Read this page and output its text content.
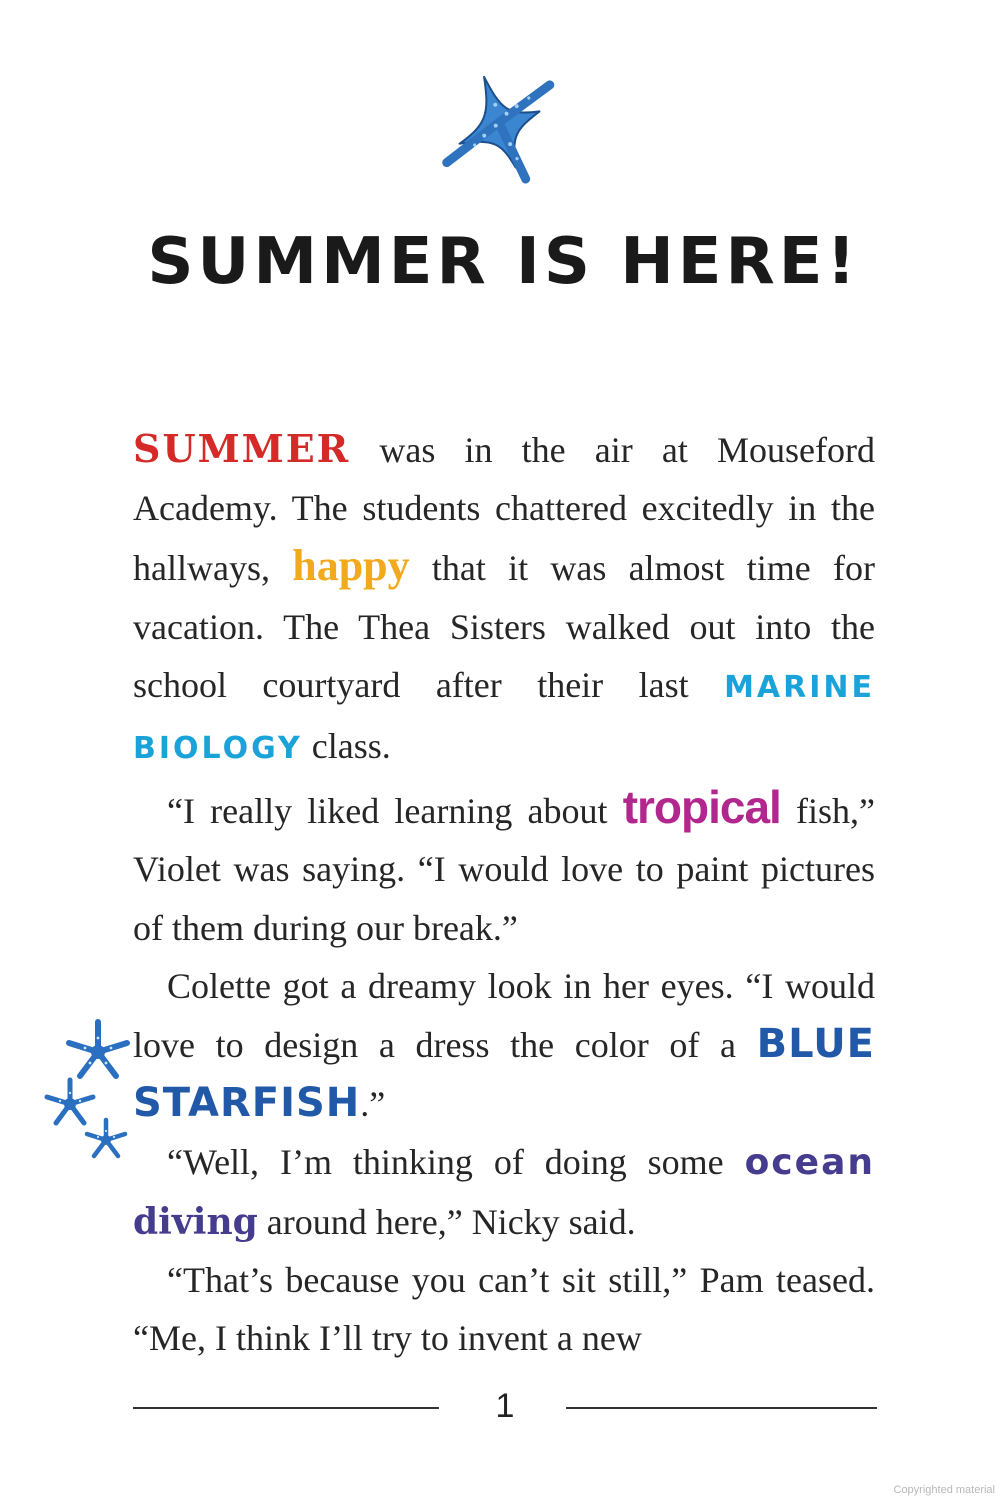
SUMMER IS HERE!

SUMMER was in the air at Mouseford Academy. The students chattered excitedly in the hallways, happy that it was almost time for vacation. The Thea Sisters walked out into the school courtyard after their last MARINE BIOLOGY class.

“I really liked learning about tropical fish,” Violet was saying. “I would love to paint pictures of them during our break.”

Colette got a dreamy look in her eyes. “I would love to design a dress the color of a BLUE STARFISH.”

“Well, I’m thinking of doing some ocean diving around here,” Nicky said.

“That’s because you can’t sit still,” Pam teased. “Me, I think I’ll try to invent a new

1
Copyrighted material
